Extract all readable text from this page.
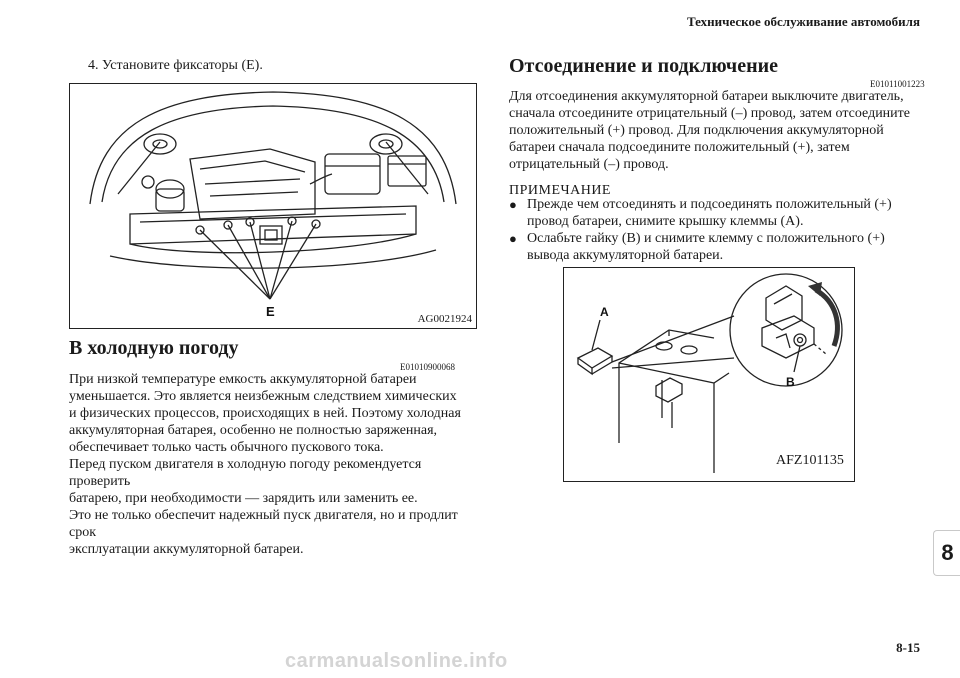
Техническое обслуживание автомобиля
8
4. Установите фиксаторы (E).
E	AG0021924
В холодную погоду
E01010900068

При низкой температуре емкость аккумуляторной батареи

уменьшается. Это является неизбежным следствием химических

и физических процессов, происходящих в ней. Поэтому холодная

аккумуляторная батарея, особенно не полностью заряженная,

обеспечивает только часть обычного пускового тока.

Перед пуском двигателя в холодную погоду рекомендуется проверить

батарею, при необходимости — зарядить или заменить ее.

Это не только обеспечит надежный пуск двигателя, но и продлит срок

эксплуатации аккумуляторной батареи.

Отсоединение и подключение
E01011001223

Для отсоединения аккумуляторной батареи выключите двигатель,

сначала отсоедините отрицательный (–) провод, затем отсоедините

положительный (+) провод. Для подключения аккумуляторной

батареи сначала подсоедините положительный (+), затем

отрицательный (–) провод.

ПРИМЕЧАНИЕ
● Прежде чем отсоединять и подсоединять положительный (+)

провод батареи, снимите крышку клеммы (A).

● Ослабьте гайку (B) и снимите клемму с положительного (+)

вывода аккумуляторной батареи.

A
B
AFZ101135
8-15
carmanualsonline.info
